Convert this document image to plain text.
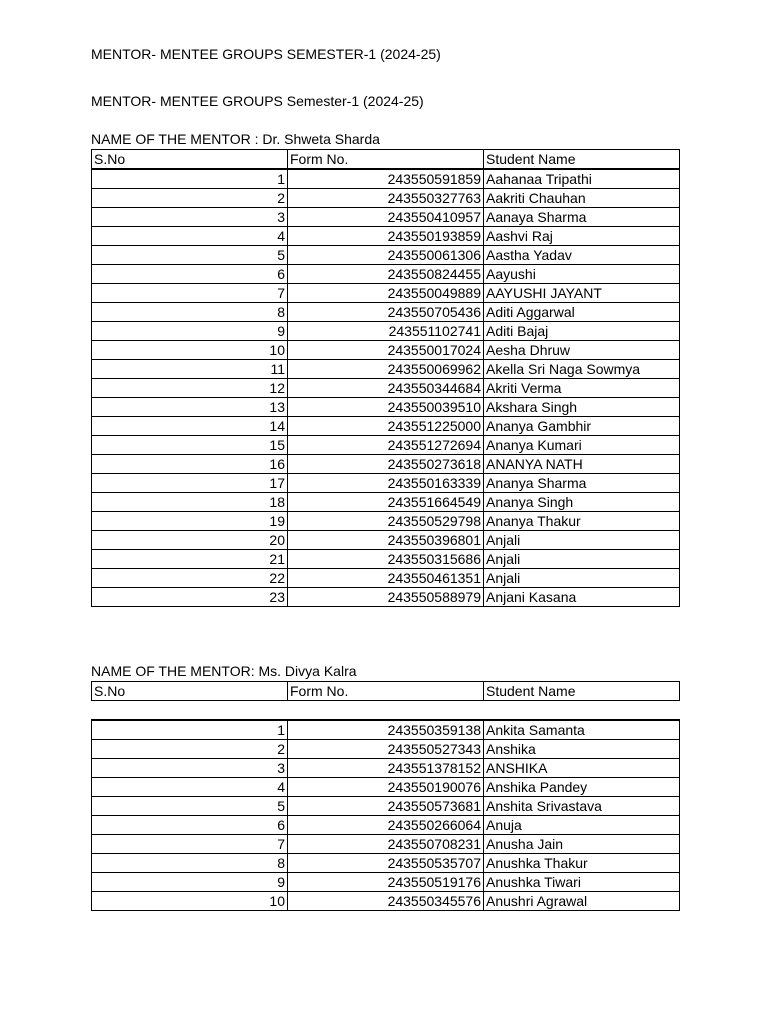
MENTOR- MENTEE GROUPS SEMESTER-1 (2024-25)
MENTOR- MENTEE GROUPS Semester-1 (2024-25)
NAME OF THE MENTOR : Dr. Shweta Sharda
S.No	Form No.	Student Name
1	243550591859	Aahanaa Tripathi
2	243550327763	Aakriti Chauhan
3	243550410957	Aanaya Sharma
4	243550193859	Aashvi Raj
5	243550061306	Aastha Yadav
6	243550824455	Aayushi
7	243550049889	AAYUSHI JAYANT
8	243550705436	Aditi Aggarwal
9	243551102741	Aditi Bajaj
10	243550017024	Aesha Dhruw
11	243550069962	Akella Sri Naga Sowmya
12	243550344684	Akriti Verma
13	243550039510	Akshara Singh
14	243551225000	Ananya Gambhir
15	243551272694	Ananya Kumari
16	243550273618	ANANYA NATH
17	243550163339	Ananya Sharma
18	243551664549	Ananya Singh
19	243550529798	Ananya Thakur
20	243550396801	Anjali
21	243550315686	Anjali
22	243550461351	Anjali
23	243550588979	Anjani Kasana
NAME OF THE MENTOR: Ms. Divya Kalra
S.No	Form No.	Student Name
1	243550359138	Ankita Samanta
2	243550527343	Anshika
3	243551378152	ANSHIKA
4	243550190076	Anshika Pandey
5	243550573681	Anshita Srivastava
6	243550266064	Anuja
7	243550708231	Anusha Jain
8	243550535707	Anushka Thakur
9	243550519176	Anushka Tiwari
10	243550345576	Anushri Agrawal
